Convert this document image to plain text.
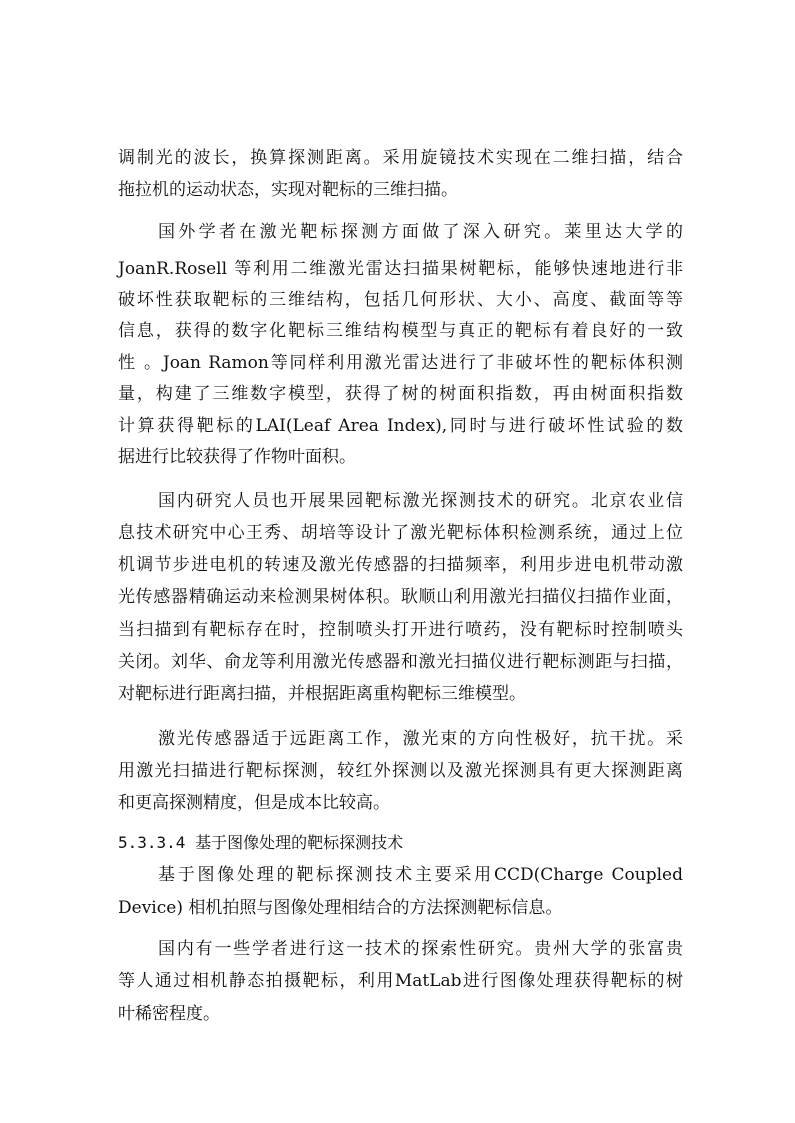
调制光的波长，换算探测距离。采用旋镜技术实现在二维扫描，结合
拖拉机的运动状态，实现对靶标的三维扫描。
国外学者在激光靶标探测方面做了深入研究。莱里达大学的
JoanR.Rosell 等利用二维激光雷达扫描果树靶标，能够快速地进行非
破坏性获取靶标的三维结构，包括几何形状、大小、高度、截面等等
信息，获得的数字化靶标三维结构模型与真正的靶标有着良好的一致
性 。Joan Ramon等同样利用激光雷达进行了非破坏性的靶标体积测
量，构建了三维数字模型，获得了树的树面积指数，再由树面积指数
计算获得靶标的LAI(Leaf Area Index),同时与进行破坏性试验的数
据进行比较获得了作物叶面积。
国内研究人员也开展果园靶标激光探测技术的研究。北京农业信
息技术研究中心王秀、胡培等设计了激光靶标体积检测系统，通过上位
机调节步进电机的转速及激光传感器的扫描频率，利用步进电机带动激
光传感器精确运动来检测果树体积。耿顺山利用激光扫描仪扫描作业面，
当扫描到有靶标存在时，控制喷头打开进行喷药，没有靶标时控制喷头
关闭。刘华、俞龙等利用激光传感器和激光扫描仪进行靶标测距与扫描，
对靶标进行距离扫描，并根据距离重构靶标三维模型。
激光传感器适于远距离工作，激光束的方向性极好，抗干扰。采
用激光扫描进行靶标探测，较红外探测以及激光探测具有更大探测距离
和更高探测精度，但是成本比较高。
5.3.3.4 基于图像处理的靶标探测技术
基于图像处理的靶标探测技术主要采用CCD(Charge Coupled
Device) 相机拍照与图像处理相结合的方法探测靶标信息。
国内有一些学者进行这一技术的探索性研究。贵州大学的张富贵
等人通过相机静态拍摄靶标，利用MatLab进行图像处理获得靶标的树
叶稀密程度。
